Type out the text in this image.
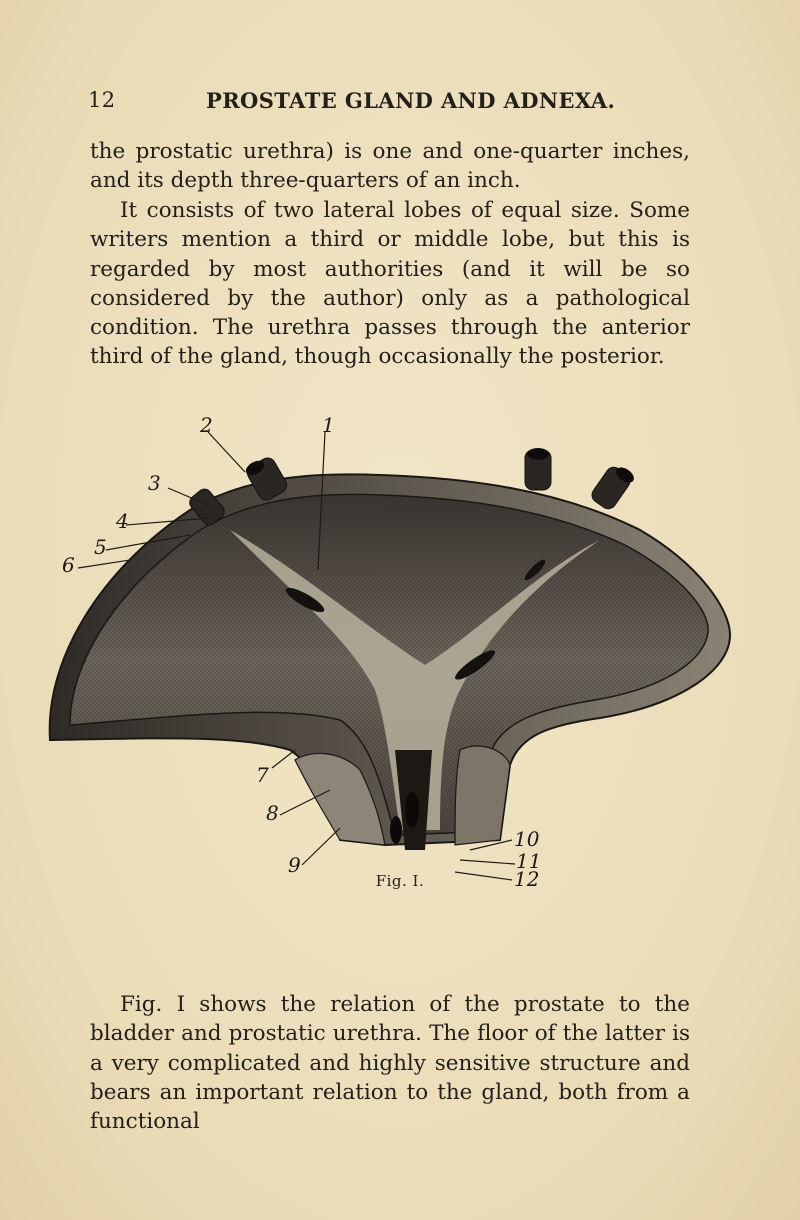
12	PROSTATE GLAND AND ADNEXA.

the prostatic urethra) is one and one-quarter inches, and its depth three-quarters of an inch.

It consists of two lateral lobes of equal size. Some writers mention a third or middle lobe, but this is regarded by most authorities (and it will be so considered by the author) only as a pathological condition. The urethra passes through the anterior third of the gland, though occasionally the posterior.

2	1
3
4
5
6
7
8
9
10
11
12
Fig. I.

Fig. I shows the relation of the prostate to the bladder and prostatic urethra. The floor of the latter is a very complicated and highly sensitive structure and bears an important relation to the gland, both from a functional
